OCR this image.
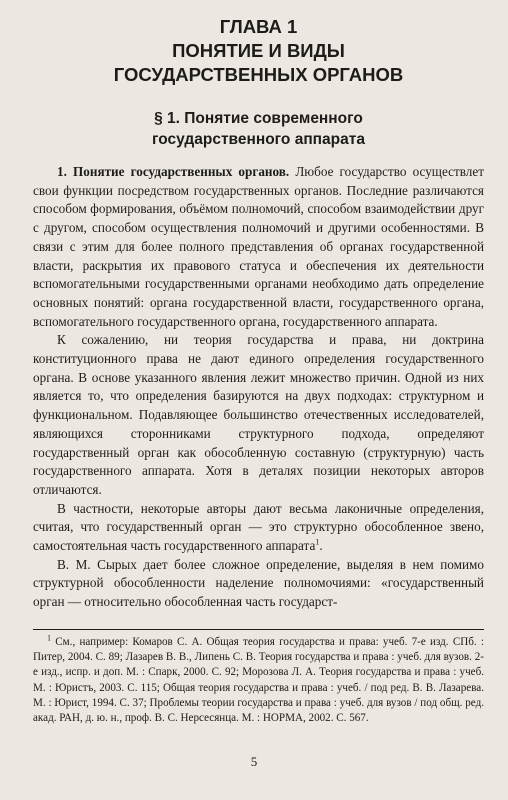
ГЛАВА 1
ПОНЯТИЕ И ВИДЫ
ГОСУДАРСТВЕННЫХ ОРГАНОВ
§ 1. Понятие современного
государственного аппарата

1. Понятие государственных органов. Любое государство осуществлет свои функции посредством государственных органов. Последние различаются способом формирования, объёмом полномочий, способом взаимодействии друг с другом, способом осуществления полномочий и другими особенностями. В связи с этим для более полного представления об органах государственной власти, раскрытия их правового статуса и обеспечения их деятельности вспомогательными государственными органами необходимо дать определение основных понятий: органа государственной власти, государственного органа, вспомогательного государственного органа, государственного аппарата.

К сожалению, ни теория государства и права, ни доктрина конституционного права не дают единого определения государственного органа. В основе указанного явления лежит множество причин. Одной из них является то, что определения базируются на двух подходах: структурном и функциональном. Подавляющее большинство отечественных исследователей, являющихся сторонниками структурного подхода, определяют государственный орган как обособленную составную (структурную) часть государственного аппарата. Хотя в деталях позиции некоторых авторов отличаются.

В частности, некоторые авторы дают весьма лаконичные определения, считая, что государственный орган — это структурно обособленное звено, самостоятельная часть государственного аппарата$^1$.

В. М. Сырых дает более сложное определение, выделяя в нем помимо структурной обособленности наделение полномочиями: «государственный орган — относительно обособленная часть государст-

$^1$ См., например: Комаров С. А. Общая теория государства и права: учеб. 7-е изд. СПб. : Питер, 2004. С. 89; Лазарев В. В., Липень С. В. Теория государства и права : учеб. для вузов. 2-е изд., испр. и доп. М. : Спарк, 2000. С. 92; Морозова Л. А. Теория государства и права : учеб. М. : Юристъ, 2003. С. 115; Общая теория государства и права : учеб. / под ред. В. В. Лазарева. М. : Юрист, 1994. С. 37; Проблемы теории государства и права : учеб. для вузов / под общ. ред. акад. РАН, д. ю. н., проф. В. С. Нерсесянца. М. : НОРМА, 2002. С. 567.

5
